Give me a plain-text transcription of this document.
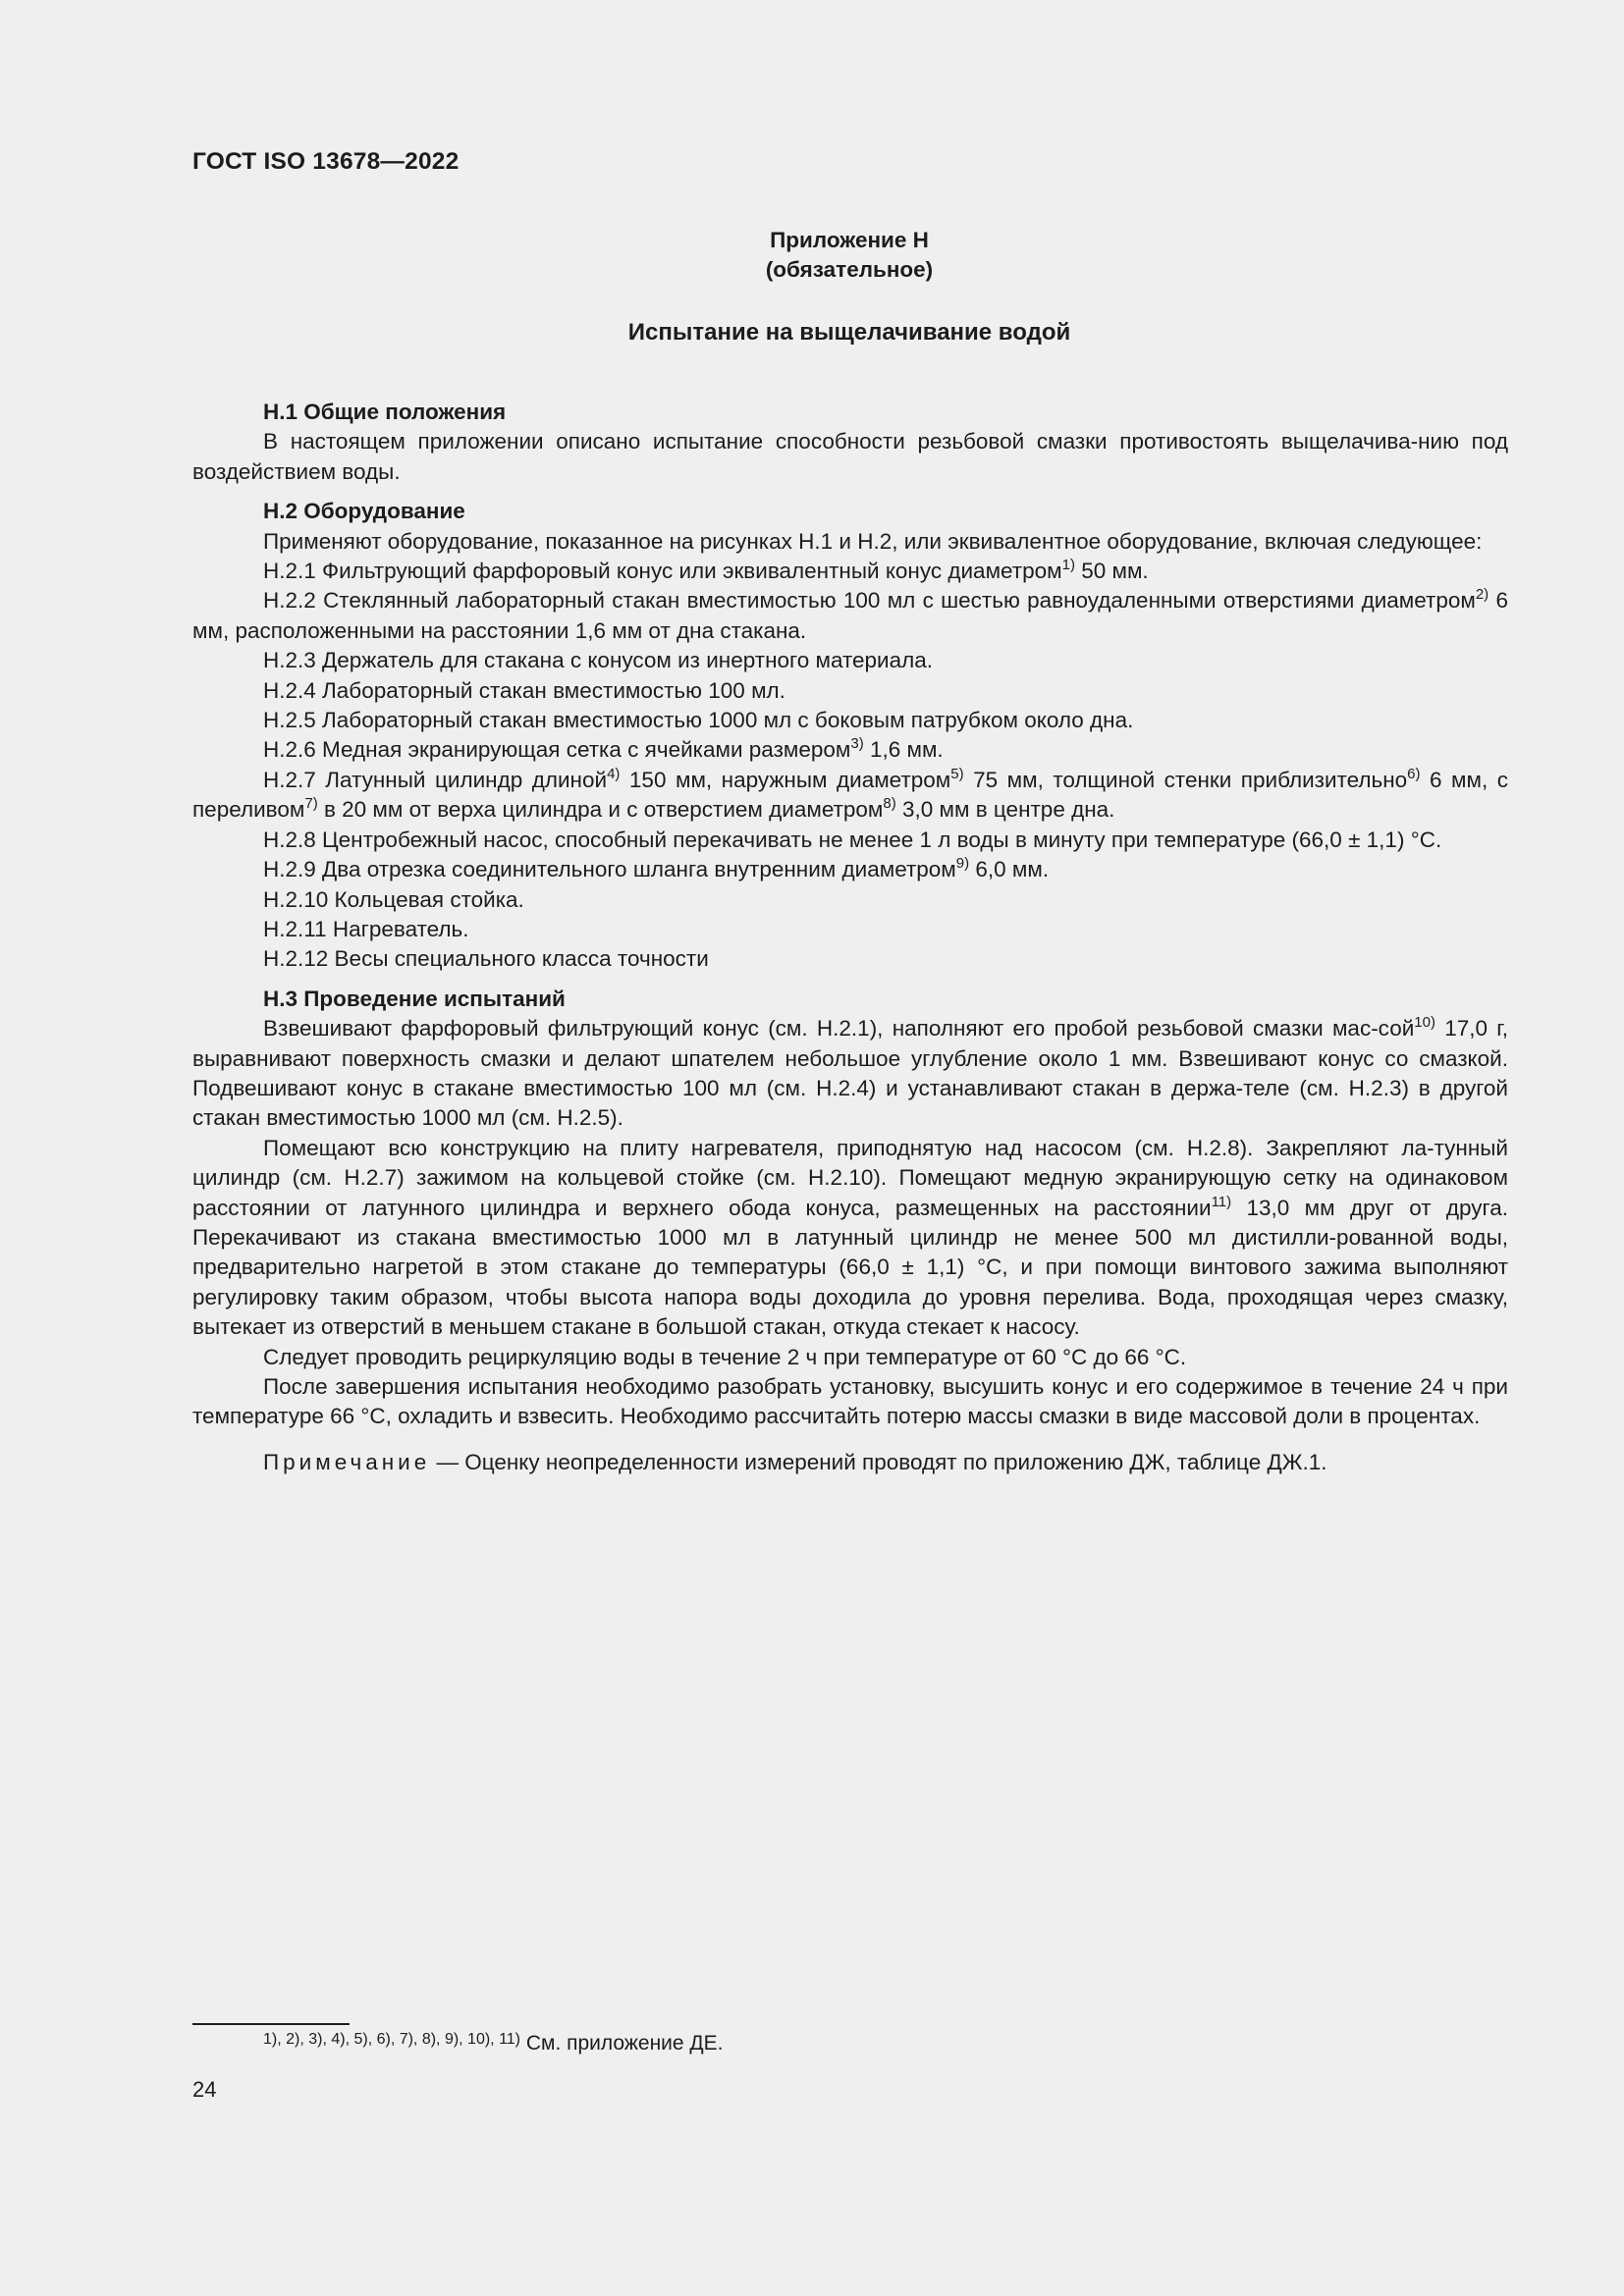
ГОСТ ISO 13678—2022
Приложение H
(обязательное)
Испытание на выщелачивание водой
Н.1 Общие положения

В настоящем приложении описано испытание способности резьбовой смазки противостоять выщелачива-нию под воздействием воды.

Н.2 Оборудование

Применяют оборудование, показанное на рисунках Н.1 и Н.2, или эквивалентное оборудование, включая следующее:

Н.2.1 Фильтрующий фарфоровый конус или эквивалентный конус диаметром$^{1)}$ 50 мм.

Н.2.2 Стеклянный лабораторный стакан вместимостью 100 мл с шестью равноудаленными отверстиями диаметром$^{2)}$ 6 мм, расположенными на расстоянии 1,6 мм от дна стакана.

Н.2.3 Держатель для стакана с конусом из инертного материала.

Н.2.4 Лабораторный стакан вместимостью 100 мл.

Н.2.5 Лабораторный стакан вместимостью 1000 мл с боковым патрубком около дна.

Н.2.6 Медная экранирующая сетка с ячейками размером$^{3)}$ 1,6 мм.

Н.2.7 Латунный цилиндр длиной$^{4)}$ 150 мм, наружным диаметром$^{5)}$ 75 мм, толщиной стенки приблизительно$^{6)}$ 6 мм, с переливом$^{7)}$ в 20 мм от верха цилиндра и с отверстием диаметром$^{8)}$ 3,0 мм в центре дна.

Н.2.8 Центробежный насос, способный перекачивать не менее 1 л воды в минуту при температуре (66,0 ± 1,1) °С.

Н.2.9 Два отрезка соединительного шланга внутренним диаметром$^{9)}$ 6,0 мм.

Н.2.10 Кольцевая стойка.

Н.2.11 Нагреватель.

Н.2.12 Весы специального класса точности

Н.3 Проведение испытаний

Взвешивают фарфоровый фильтрующий конус (см. Н.2.1), наполняют его пробой резьбовой смазки мас-сой$^{10)}$ 17,0 г, выравнивают поверхность смазки и делают шпателем небольшое углубление около 1 мм. Взвешивают конус со смазкой. Подвешивают конус в стакане вместимостью 100 мл (см. Н.2.4) и устанавливают стакан в держа-теле (см. Н.2.3) в другой стакан вместимостью 1000 мл (см. Н.2.5).

Помещают всю конструкцию на плиту нагревателя, приподнятую над насосом (см. Н.2.8). Закрепляют ла-тунный цилиндр (см. Н.2.7) зажимом на кольцевой стойке (см. Н.2.10). Помещают медную экранирующую сетку на одинаковом расстоянии от латунного цилиндра и верхнего обода конуса, размещенных на расстоянии$^{11)}$ 13,0 мм друг от друга. Перекачивают из стакана вместимостью 1000 мл в латунный цилиндр не менее 500 мл дистилли-рованной воды, предварительно нагретой в этом стакане до температуры (66,0 ± 1,1) °С, и при помощи винтового зажима выполняют регулировку таким образом, чтобы высота напора воды доходила до уровня перелива. Вода, проходящая через смазку, вытекает из отверстий в меньшем стакане в большой стакан, откуда стекает к насосу.

Следует проводить рециркуляцию воды в течение 2 ч при температуре от 60 °С до 66 °С.

После завершения испытания необходимо разобрать установку, высушить конус и его содержимое в течение 24 ч при температуре 66 °С, охладить и взвесить. Необходимо рассчитайть потерю массы смазки в виде массовой доли в процентах.

Примечание — Оценку неопределенности измерений проводят по приложению ДЖ, таблице ДЖ.1.

$^{1), 2), 3), 4), 5), 6), 7), 8), 9), 10), 11)}$ См. приложение ДЕ.
24
